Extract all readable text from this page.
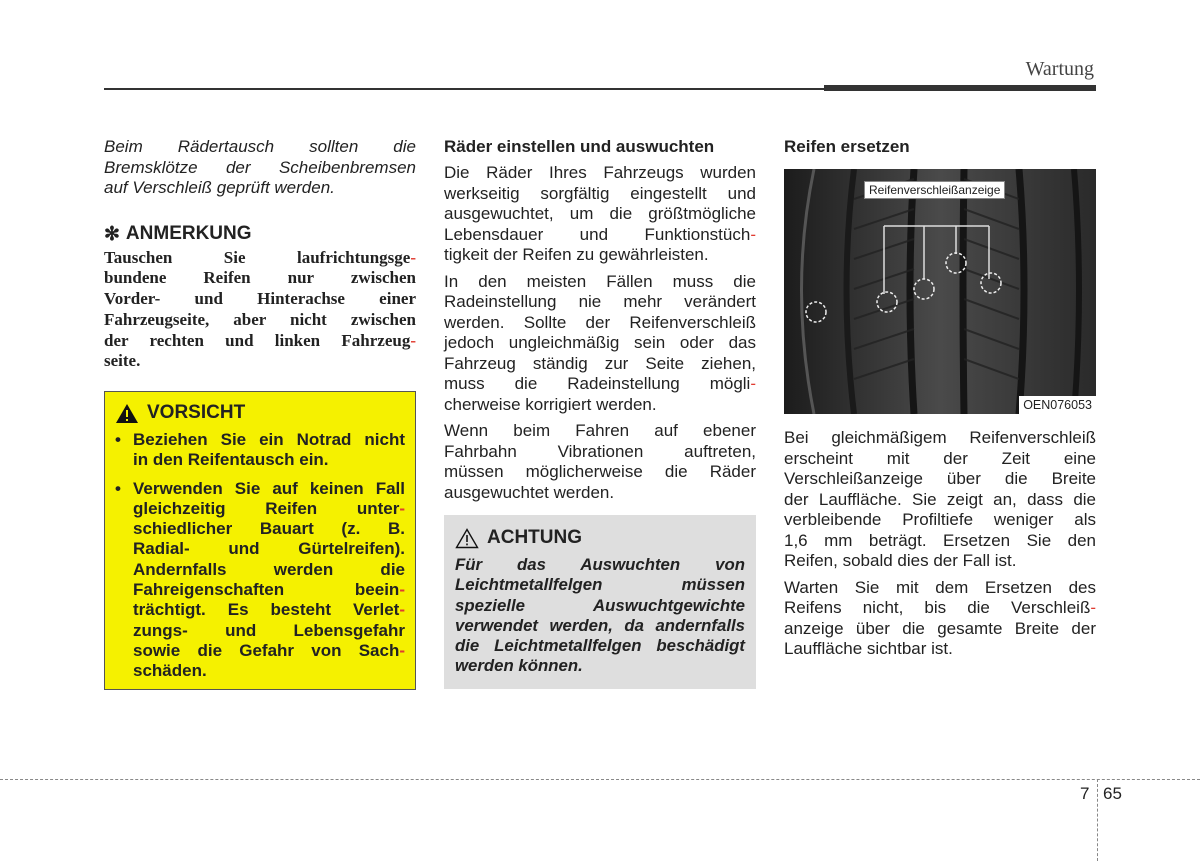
Wartung
Beim Rädertausch sollten die
Bremsklötze der Scheibenbremsen
auf Verschleiß geprüft werden.
✻ ANMERKUNG
Tauschen Sie laufrichtungsge-
bundene Reifen nur zwischen
Vorder- und Hinterachse einer
Fahrzeugseite, aber nicht zwischen
der rechten und linken Fahrzeug-
seite.
VORSICHT
• Beziehen Sie ein Notrad nicht
in den Reifentausch ein.
• Verwenden Sie auf keinen Fall
gleichzeitig Reifen unter-
schiedlicher Bauart (z. B.
Radial- und Gürtelreifen).
Andernfalls werden die
Fahreigenschaften beein-
trächtigt. Es besteht Verlet-
zungs- und Lebensgefahr
sowie die Gefahr von Sach-
schäden.
Räder einstellen und auswuchten
Die Räder Ihres Fahrzeugs wurden
werkseitig sorgfältig eingestellt und
ausgewuchtet, um die größtmögliche
Lebensdauer und Funktionstüch-
tigkeit der Reifen zu gewährleisten.
In den meisten Fällen muss die
Radeinstellung nie mehr verändert
werden. Sollte der Reifenverschleiß
jedoch ungleichmäßig sein oder das
Fahrzeug ständig zur Seite ziehen,
muss die Radeinstellung mögli-
cherweise korrigiert werden.
Wenn beim Fahren auf ebener
Fahrbahn Vibrationen auftreten,
müssen möglicherweise die Räder
ausgewuchtet werden.
ACHTUNG
Für das Auswuchten von
Leichtmetallfelgen müssen
spezielle Auswuchtgewichte
verwendet werden, da andernfalls
die Leichtmetallfelgen beschädigt
werden können.
Reifen ersetzen
Reifenverschleißanzeige
OEN076053
Bei gleichmäßigem Reifenverschleiß
erscheint mit der Zeit eine
Verschleißanzeige über die Breite
der Lauffläche. Sie zeigt an, dass die
verbleibende Profiltiefe weniger als
1,6 mm beträgt. Ersetzen Sie den
Reifen, sobald dies der Fall ist.
Warten Sie mit dem Ersetzen des
Reifens nicht, bis die Verschleiß-
anzeige über die gesamte Breite der
Lauffläche sichtbar ist.
7 65
